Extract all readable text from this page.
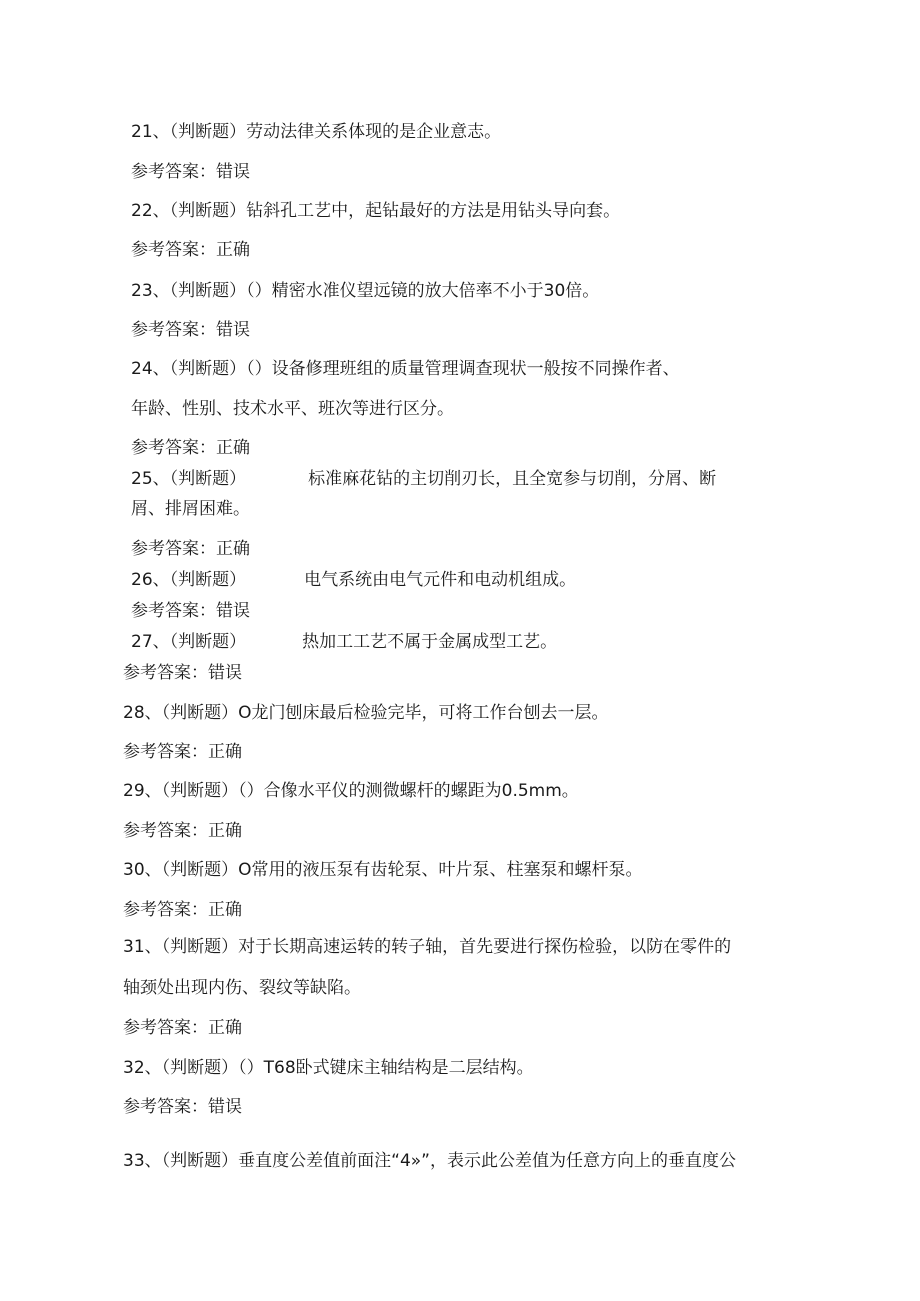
21、（判断题）劳动法律关系体现的是企业意志。
参考答案：错误
22、（判断题）钻斜孔工艺中，起钻最好的方法是用钻头导向套。
参考答案：正确
23、（判断题）（）精密水准仪望远镜的放大倍率不小于30倍。
参考答案：错误
24、（判断题）（）设备修理班组的质量管理调查现状一般按不同操作者、
年龄、性别、技术水平、班次等进行区分。
参考答案：正确
25、（判断题）	标准麻花钻的主切削刃长，且全宽参与切削，分屑、断
屑、排屑困难。
参考答案：正确
26、（判断题）	电气系统由电气元件和电动机组成。
参考答案：错误
27、（判断题）	热加工工艺不属于金属成型工艺。
参考答案：错误
28、（判断题）O龙门刨床最后检验完毕，可将工作台刨去一层。
参考答案：正确
29、（判断题）（）合像水平仪的测微螺杆的螺距为0.5mm。
参考答案：正确
30、（判断题）O常用的液压泵有齿轮泵、叶片泵、柱塞泵和螺杆泵。
参考答案：正确
31、（判断题）对于长期高速运转的转子轴，首先要进行探伤检验，以防在零件的
轴颈处出现内伤、裂纹等缺陷。
参考答案：正确
32、（判断题）（）T68卧式键床主轴结构是二层结构。
参考答案：错误
33、（判断题）垂直度公差值前面注“4»”，表示此公差值为任意方向上的垂直度公
